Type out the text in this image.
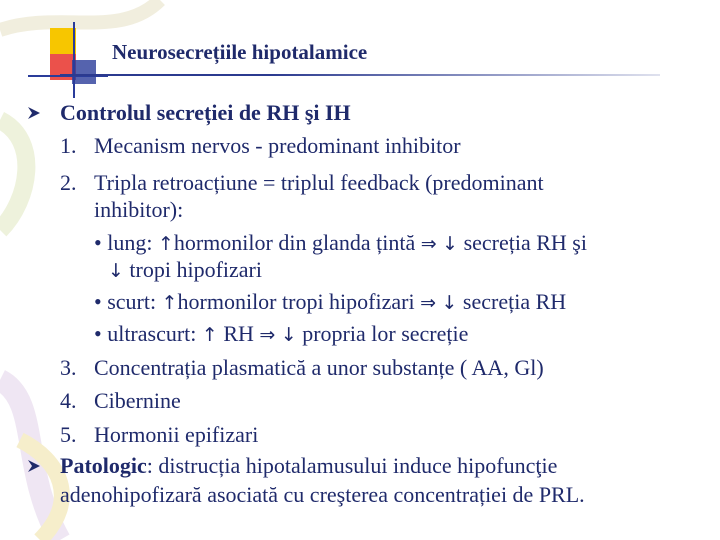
Neurosecrețiile hipotalamice
Controlul secreției de RH şi IH
1. Mecanism nervos - predominant inhibitor
2. Tripla retroacțiune = triplul feedback (predominant
inhibitor):
• lung: ↑hormonilor din glanda țintă ⇒ ↓ secreția RH şi
↓ tropi hipofizari
• scurt: ↑hormonilor tropi hipofizari ⇒ ↓ secreția RH
• ultrascurt: ↑ RH ⇒ ↓ propria lor secreție
3. Concentrația plasmatică a unor substanțe ( AA, Gl)
4. Cibernine
5. Hormonii epifizari
Patologic: distrucția hipotalamusului induce hipofuncţie
adenohipofizară asociată cu creşterea concentrației de PRL.
